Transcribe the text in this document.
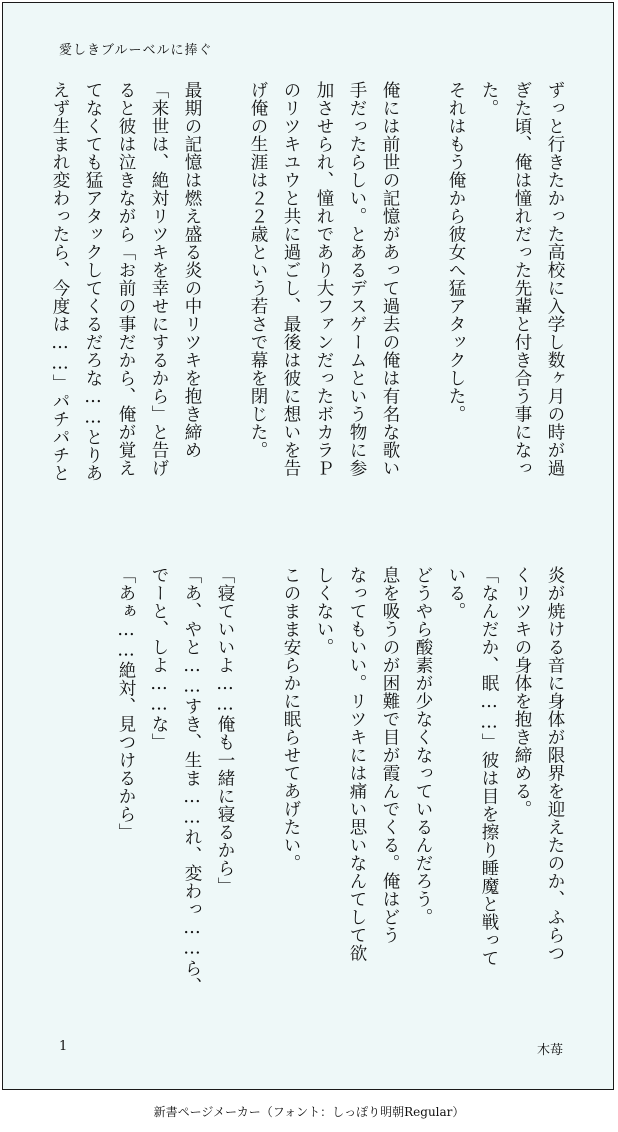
愛しきブルーベルに捧ぐ
ずっと行きたかった高校に入学し数ヶ月の時が過
ぎた頃、俺は憧れだった先輩と付き合う事になっ
た。
それはもう俺から彼女へ猛アタックした。

俺には前世の記憶があって過去の俺は有名な歌い
手だったらしい。とあるデスゲームという物に参
加させられ、憧れであり大ファンだったボカラＰ
のリツキユウと共に過ごし、最後は彼に想いを告
げ俺の生涯は２２歳という若さで幕を閉じた。

最期の記憶は燃え盛る炎の中リツキを抱き締め
「来世は、絶対リツキを幸せにするから」と告げ
ると彼は泣きながら「お前の事だから、俺が覚え
てなくても猛アタックしてくるだろな……とりあ
えず生まれ変わったら、今度は……」パチパチと
炎が焼ける音に身体が限界を迎えたのか、ふらつ
くリツキの身体を抱き締める。
「なんだか、眠……」彼は目を擦り睡魔と戦って
いる。
どうやら酸素が少なくなっているんだろう。
息を吸うのが困難で目が霞んでくる。俺はどう
なってもいい。リツキには痛い思いなんてして欲
しくない。
このまま安らかに眠らせてあげたい。

「寝ていいよ……俺も一緒に寝るから」
「あ、やと……すき、生ま……れ、変わっ……ら、
でーと、しよ……な」
「あぁ……絶対、見つけるから」
1	木苺
新書ページメーカー（フォント：しっぽり明朝Regular）
